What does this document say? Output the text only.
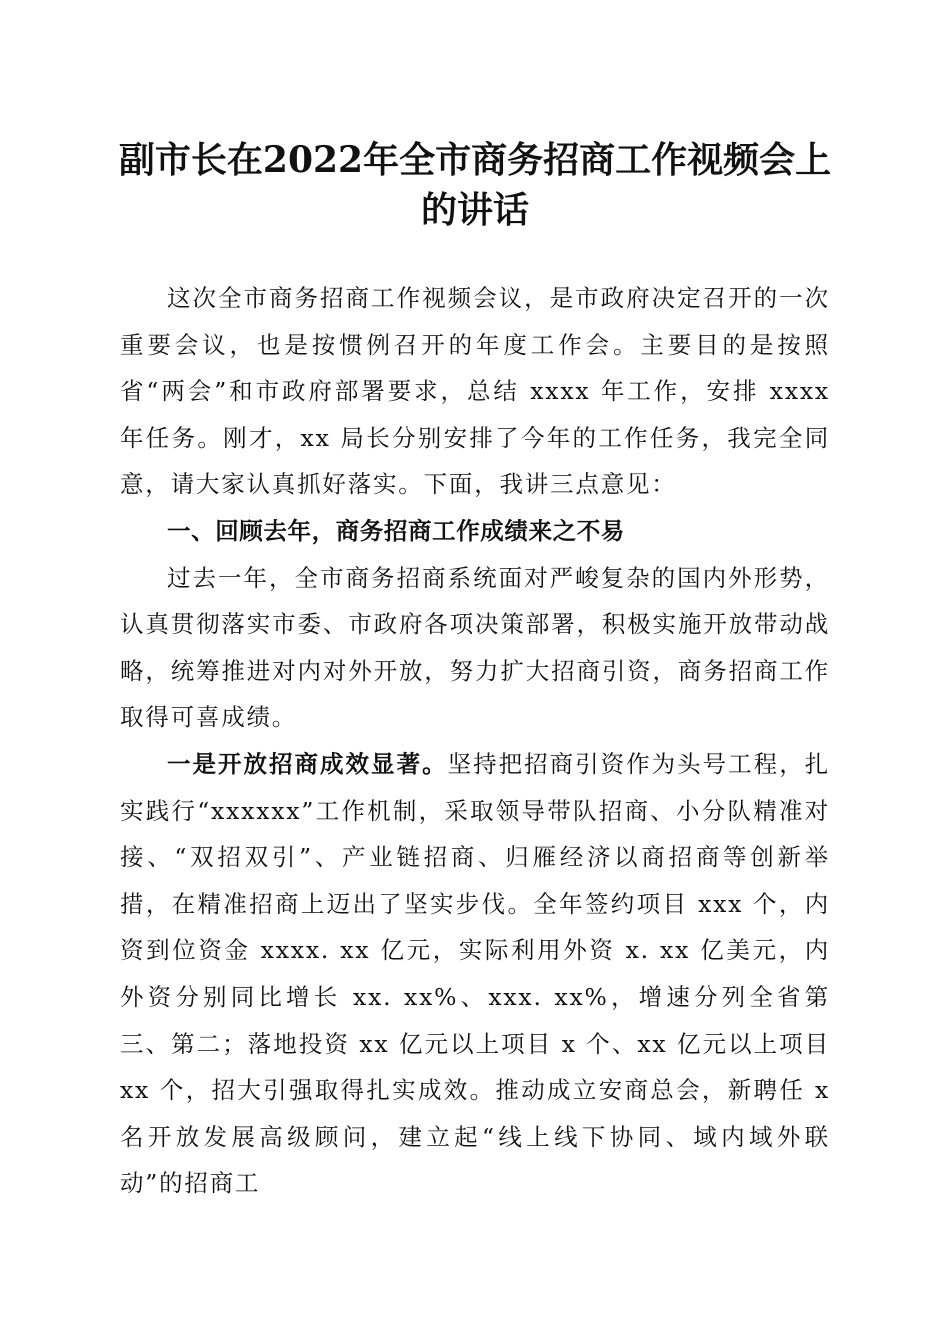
副市长在2022年全市商务招商工作视频会上
的讲话

这次全市商务招商工作视频会议，是市政府决定召开的一次重要会议，也是按惯例召开的年度工作会。主要目的是按照省“两会”和市政府部署要求，总结 xxxx 年工作，安排 xxxx 年任务。刚才，xx 局长分别安排了今年的工作任务，我完全同意，请大家认真抓好落实。下面，我讲三点意见：

一、回顾去年，商务招商工作成绩来之不易

过去一年，全市商务招商系统面对严峻复杂的国内外形势，认真贯彻落实市委、市政府各项决策部署，积极实施开放带动战略，统筹推进对内对外开放，努力扩大招商引资，商务招商工作取得可喜成绩。

一是开放招商成效显著。坚持把招商引资作为头号工程，扎实践行“xxxxxx”工作机制，采取领导带队招商、小分队精准对接、“双招双引”、产业链招商、归雁经济以商招商等创新举措，在精准招商上迈出了坚实步伐。全年签约项目 xxx 个，内资到位资金 xxxx. xx 亿元，实际利用外资 x. xx 亿美元，内外资分别同比增长 xx. xx%、xxx. xx%，增速分列全省第三、第二；落地投资 xx 亿元以上项目 x 个、xx 亿元以上项目 xx 个，招大引强取得扎实成效。推动成立安商总会，新聘任 x 名开放发展高级顾问，建立起“线上线下协同、域内域外联动”的招商工
